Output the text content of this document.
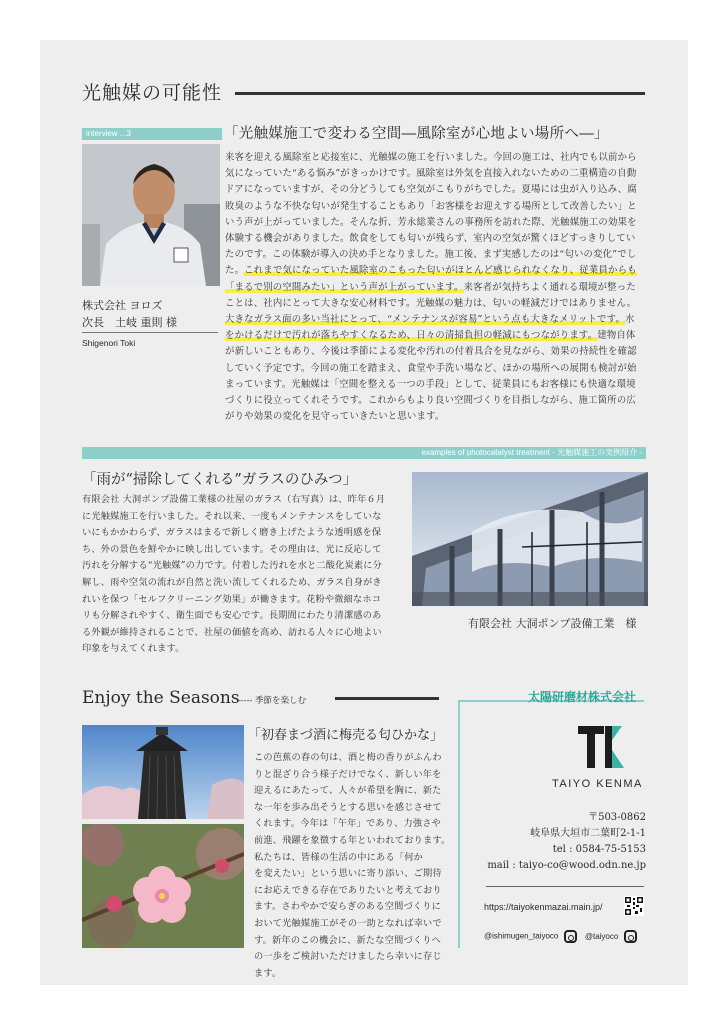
光触媒の可能性
interview ...3	「光触媒施工で変わる空間―風除室が心地よい場所へ―」
株式会社 ヨロズ
次長　土岐 重則 様
Shigenori Toki
来客を迎える風除室と応接室に、光触媒の施工を行いました。今回の施工は、社内でも以前から
気になっていた“ある悩み”がきっかけです。風除室は外気を直接入れないための二重構造の自動
ドアになっていますが、その分どうしても空気がこもりがちでした。夏場には虫が入り込み、腐
敗臭のような不快な匂いが発生することもあり「お客様をお迎えする場所として改善したい」と
いう声が上がっていました。そんな折、芳永総業さんの事務所を訪れた際、光触媒施工の効果を
体験する機会がありました。飲食をしても匂いが残らず、室内の空気が驚くほどすっきりしてい
たのです。この体験が導入の決め手となりました。施工後、まず実感したのは“匂いの変化”でし
た。これまで気になっていた風除室のこもった匂いがほとんど感じられなくなり、従業員からも
「まるで別の空間みたい」という声が上がっています。来客者が気持ちよく通れる環境が整った
ことは、社内にとって大きな安心材料です。光触媒の魅力は、匂いの軽減だけではありません。
大きなガラス面の多い当社にとって、“メンテナンスが容易”という点も大きなメリットです。水
をかけるだけで汚れが落ちやすくなるため、日々の清掃負担の軽減にもつながります。建物自体
が新しいこともあり、今後は季節による変化や汚れの付着具合を見ながら、効果の持続性を確認
していく予定です。今回の施工を踏まえ、食堂や手洗い場など、ほかの場所への展開も検討が始
まっています。光触媒は「空間を整える一つの手段」として、従業員にもお客様にも快適な環境
づくりに役立ってくれそうです。これからもより良い空間づくりを目指しながら、施工箇所の広
がりや効果の変化を見守っていきたいと思います。
examples of photocatalyst treatment - 光触媒施工の実例紹介 -
「雨が“掃除してくれる”ガラスのひみつ」
有限会社 大洞ポンプ設備工業様の社屋のガラス（右写真）は、昨年６月
に光触媒施工を行いました。それ以来、一度もメンテナンスをしていな
いにもかかわらず、ガラスはまるで新しく磨き上げたような透明感を保
ち、外の景色を鮮やかに映し出しています。その理由は、光に反応して
汚れを分解する“光触媒”の力です。付着した汚れを水と二酸化炭素に分
解し、雨や空気の流れが自然と洗い流してくれるため、ガラス自身がき
れいを保つ「セルフクリーニング効果」が働きます。花粉や微細なホコ
リも分解されやすく、衛生面でも安心です。長期間にわたり清潔感のあ
る外観が維持されることで、社屋の価値を高め、訪れる人々に心地よい
印象を与えてくれます。
有限会社 大洞ポンプ設備工業　様
Enjoy the Seasons
----- 季節を楽しむ
「初春まづ酒に梅売る匂ひかな」
この芭蕉の春の句は、酒と梅の香りがふんわ
りと混ざり合う様子だけでなく、新しい年を
迎えるにあたって、人々が希望を胸に、新た
な一年を歩み出そうとする思いを感じさせて
くれます。今年は「午年」であり、力強さや
前進、飛躍を象徴する年といわれております。
私たちは、皆様の生活の中にある「何か
を変えたい」という思いに寄り添い、ご期待
にお応えできる存在でありたいと考えており
ます。さわやかで安らぎのある空間づくりに
おいて光触媒施工がその一助となれば幸いで
す。新年のこの機会に、新たな空間づくりへ
の一歩をご検討いただけましたら幸いに存じ
ます。
太陽研磨材株式会社
TAIYO KENMA
〒503-0862
岐阜県大垣市二葉町2-1-1
tel : 0584-75-5153
mail : taiyo-co@wood.odn.ne.jp
https://taiyokenmazai.main.jp/
@ishimugen_taiyoco	@taiyoco
